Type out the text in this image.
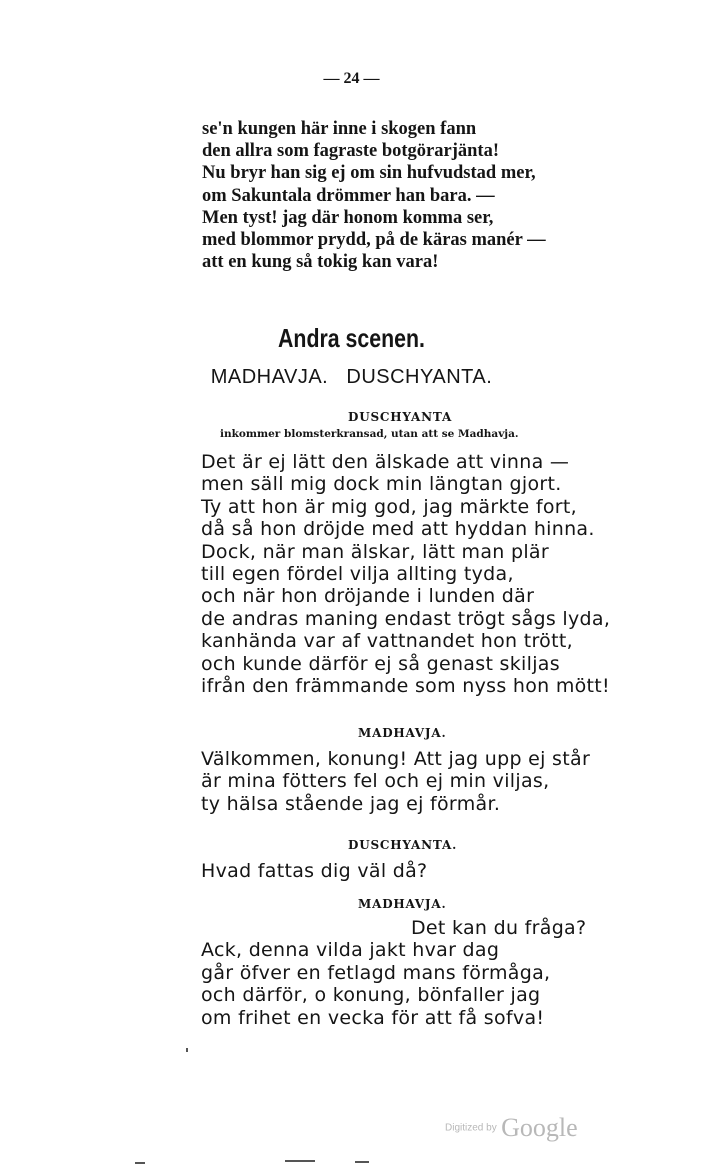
— 24 —
se'n kungen här inne i skogen fann
den allra som fagraste botgörarjänta!
Nu bryr han sig ej om sin hufvudstad mer,
om Sakuntala drömmer han bara. —
Men tyst! jag där honom komma ser,
med blommor prydd, på de käras manér —
att en kung så tokig kan vara!
Andra scenen.
MADHAVJA.   DUSCHYANTA.
DUSCHYANTA
inkommer blomsterkransad, utan att se Madhavja.
Det är ej lätt den älskade att vinna —
men säll mig dock min längtan gjort.
Ty att hon är mig god, jag märkte fort,
då så hon dröjde med att hyddan hinna.
Dock, när man älskar, lätt man plär
till egen fördel vilja allting tyda,
och när hon dröjande i lunden där
de andras maning endast trögt sågs lyda,
kanhända var af vattnandet hon trött,
och kunde därför ej så genast skiljas
ifrån den främmande som nyss hon mött!
MADHAVJA.
Välkommen, konung! Att jag upp ej står
är mina fötters fel och ej min viljas,
ty hälsa stående jag ej förmår.
DUSCHYANTA.
Hvad fattas dig väl då?
MADHAVJA.
Det kan du fråga?
Ack, denna vilda jakt hvar dag
går öfver en fetlagd mans förmåga,
och därför, o konung, bönfaller jag
om frihet en vecka för att få sofva!
Digitized by Google
